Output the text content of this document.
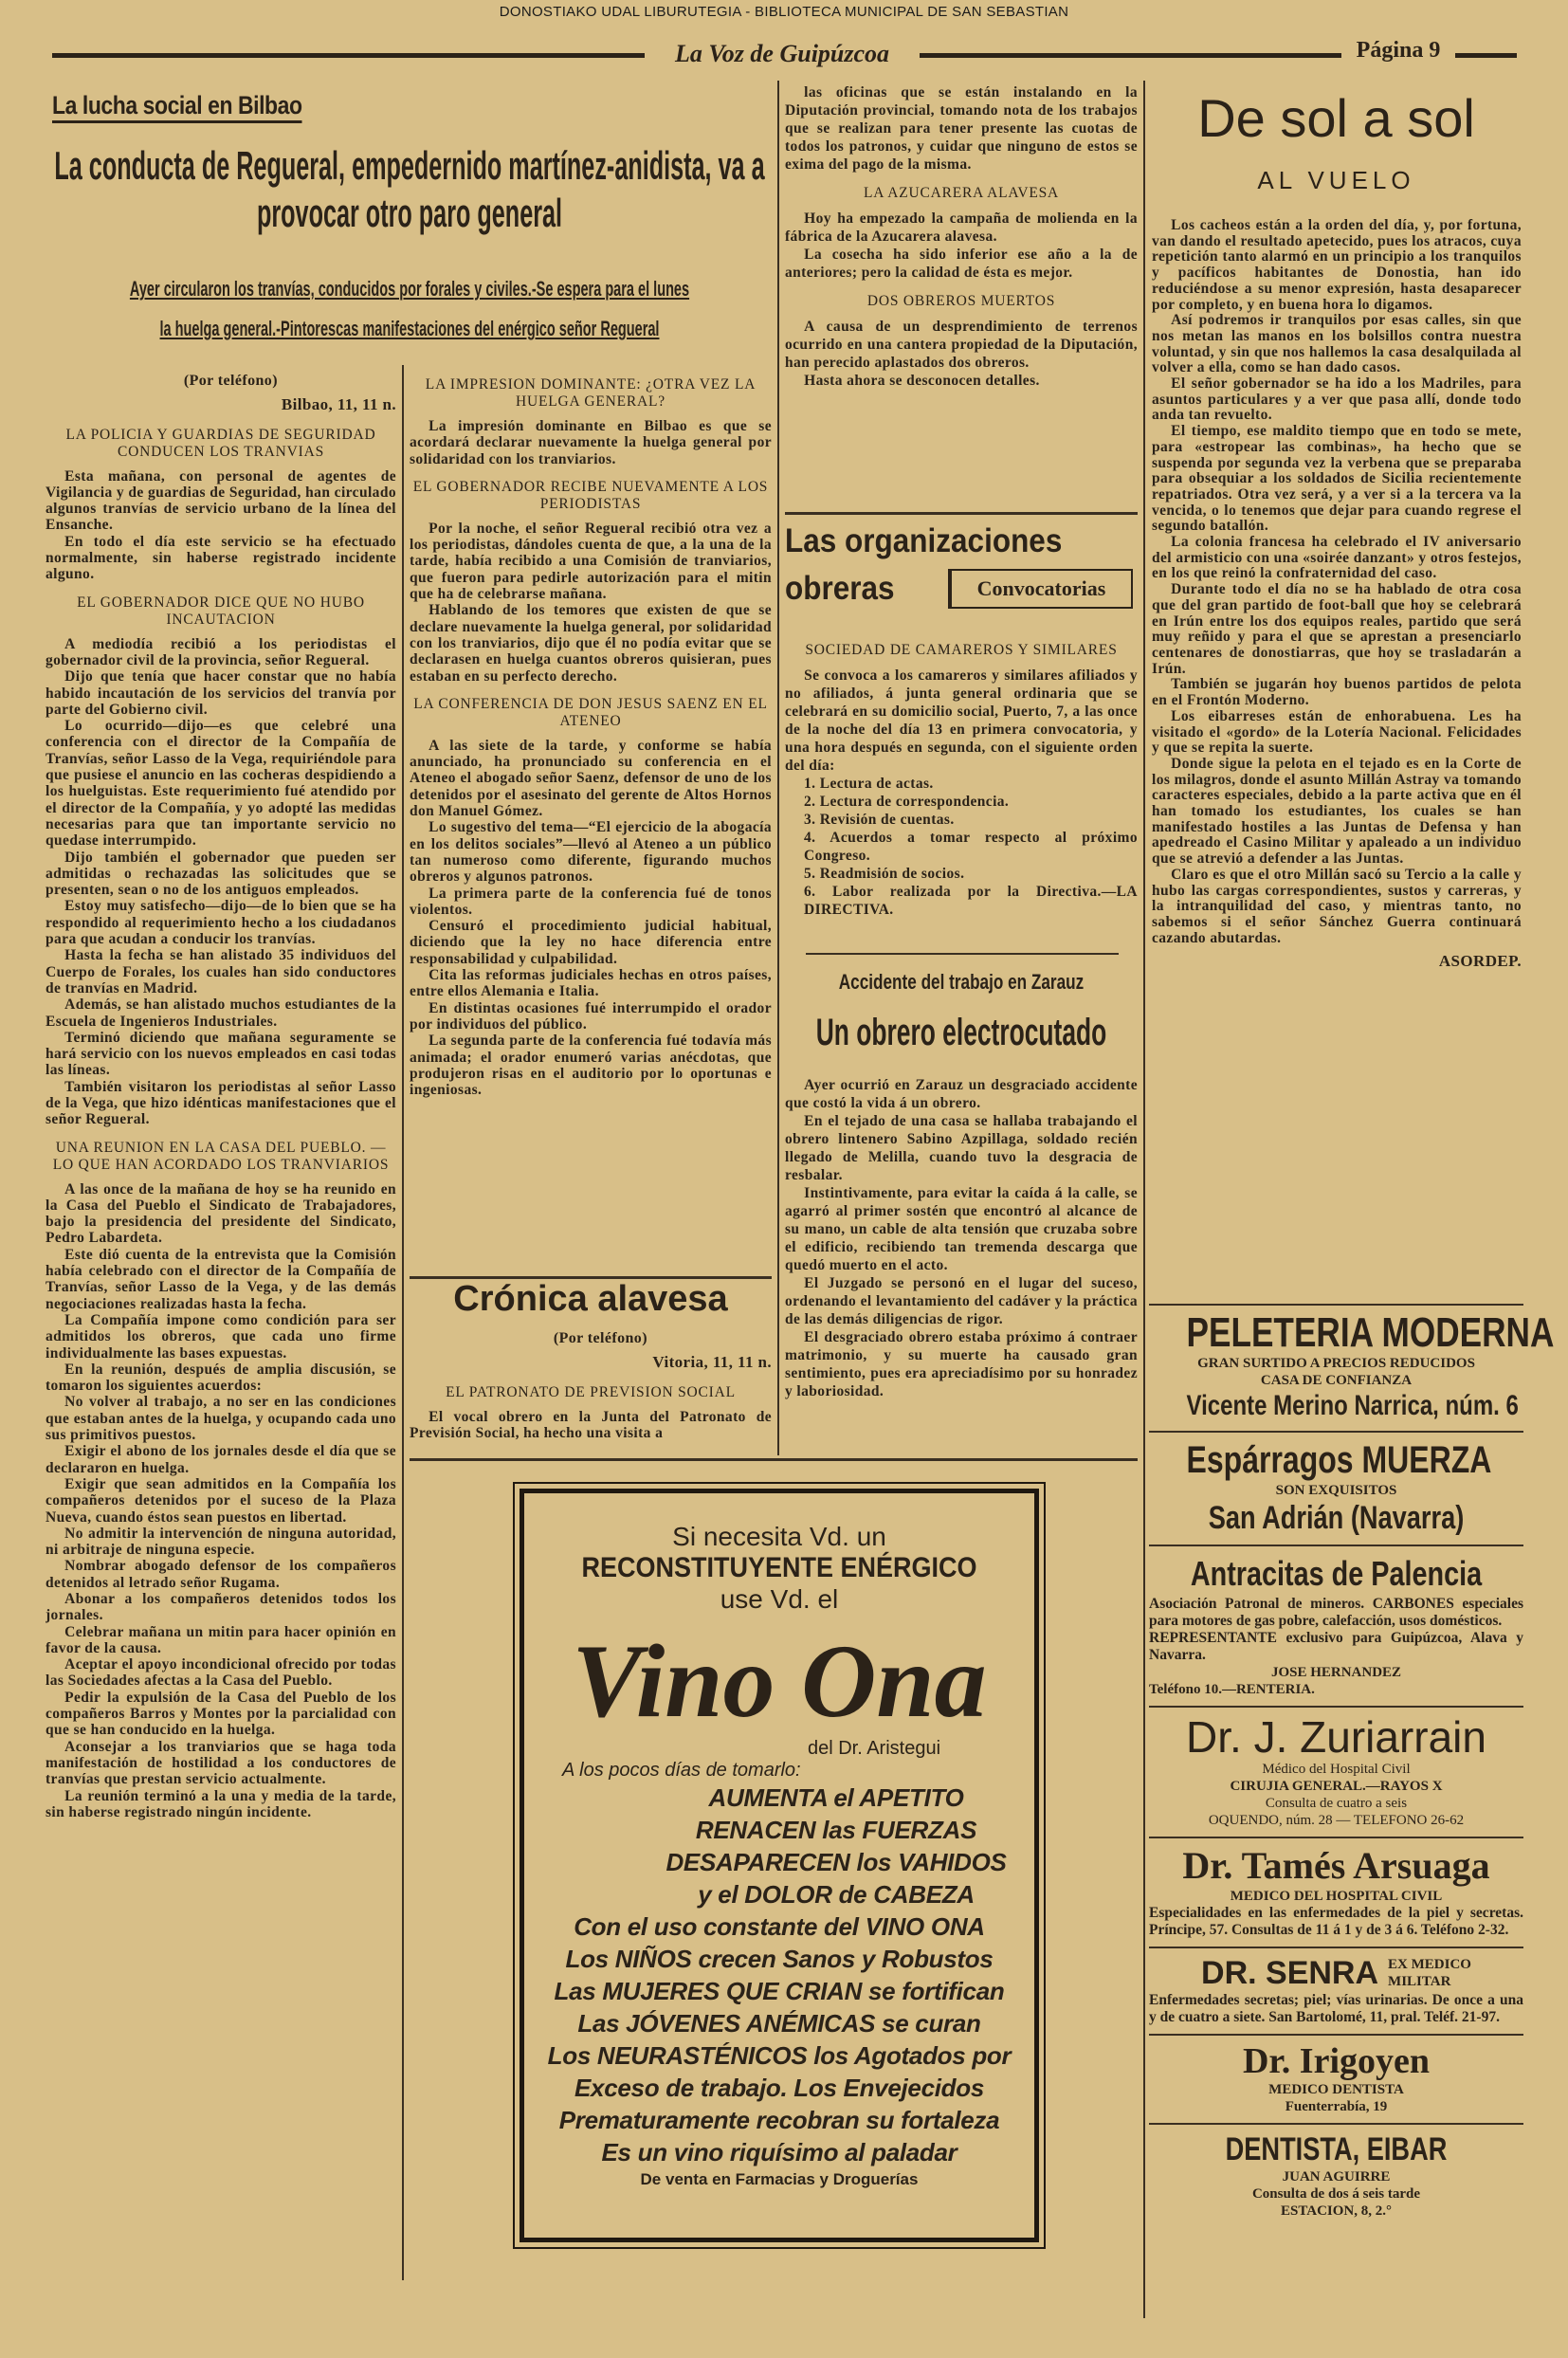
DONOSTIAKO UDAL LIBURUTEGIA - BIBLIOTECA MUNICIPAL DE SAN SEBASTIAN
La Voz de Guipúzcoa	Página 9
La lucha social en Bilbao
La conducta de Regueral, empedernido martínez-anidista, va a provocar otro paro general
Ayer circularon los tranvías, conducidos por forales y civiles.-Se espera para el lunes
la huelga general.-Pintorescas manifestaciones del enérgico señor Regueral

(Por teléfono)

Bilbao, 11, 11 n.

LA POLICIA Y GUARDIAS DE SEGURIDAD CONDUCEN LOS TRANVIAS

Esta mañana, con personal de agentes de Vigilancia y de guardias de Seguridad, han circulado algunos tranvías de servicio urbano de la línea del Ensanche.

En todo el día este servicio se ha efectuado normalmente, sin haberse registrado incidente alguno.

EL GOBERNADOR DICE QUE NO HUBO INCAUTACION

A mediodía recibió a los periodistas el gobernador civil de la provincia, señor Regueral.

Dijo que tenía que hacer constar que no había habido incautación de los servicios del tranvía por parte del Gobierno civil.

Lo ocurrido—dijo—es que celebré una conferencia con el director de la Compañía de Tranvías, señor Lasso de la Vega, requiriéndole para que pusiese el anuncio en las cocheras despidiendo a los huelguistas. Este requerimiento fué atendido por el director de la Compañía, y yo adopté las medidas necesarias para que tan importante servicio no quedase interrumpido.

Dijo también el gobernador que pueden ser admitidas o rechazadas las solicitudes que se presenten, sean o no de los antiguos empleados.

Estoy muy satisfecho—dijo—de lo bien que se ha respondido al requerimiento hecho a los ciudadanos para que acudan a conducir los tranvías.

Hasta la fecha se han alistado 35 individuos del Cuerpo de Forales, los cuales han sido conductores de tranvías en Madrid.

Además, se han alistado muchos estudiantes de la Escuela de Ingenieros Industriales.

Terminó diciendo que mañana seguramente se hará servicio con los nuevos empleados en casi todas las líneas.

También visitaron los periodistas al señor Lasso de la Vega, que hizo idénticas manifestaciones que el señor Regueral.

UNA REUNION EN LA CASA DEL PUEBLO. —LO QUE HAN ACORDADO LOS TRANVIARIOS

A las once de la mañana de hoy se ha reunido en la Casa del Pueblo el Sindicato de Trabajadores, bajo la presidencia del presidente del Sindicato, Pedro Labardeta.

Este dió cuenta de la entrevista que la Comisión había celebrado con el director de la Compañía de Tranvías, señor Lasso de la Vega, y de las demás negociaciones realizadas hasta la fecha.

La Compañía impone como condición para ser admitidos los obreros, que cada uno firme individualmente las bases expuestas.

En la reunión, después de amplia discusión, se tomaron los siguientes acuerdos:

No volver al trabajo, a no ser en las condiciones que estaban antes de la huelga, y ocupando cada uno sus primitivos puestos.

Exigir el abono de los jornales desde el día que se declararon en huelga.

Exigir que sean admitidos en la Compañía los compañeros detenidos por el suceso de la Plaza Nueva, cuando éstos sean puestos en libertad.

No admitir la intervención de ninguna autoridad, ni arbitraje de ninguna especie.

Nombrar abogado defensor de los compañeros detenidos al letrado señor Rugama.

Abonar a los compañeros detenidos todos los jornales.

Celebrar mañana un mitin para hacer opinión en favor de la causa.

Aceptar el apoyo incondicional ofrecido por todas las Sociedades afectas a la Casa del Pueblo.

Pedir la expulsión de la Casa del Pueblo de los compañeros Barros y Montes por la parcialidad con que se han conducido en la huelga.

Aconsejar a los tranviarios que se haga toda manifestación de hostilidad a los conductores de tranvías que prestan servicio actualmente.

La reunión terminó a la una y media de la tarde, sin haberse registrado ningún incidente.

LA IMPRESION DOMINANTE: ¿OTRA VEZ LA HUELGA GENERAL?

La impresión dominante en Bilbao es que se acordará declarar nuevamente la huelga general por solidaridad con los tranviarios.

EL GOBERNADOR RECIBE NUEVAMENTE A LOS PERIODISTAS

Por la noche, el señor Regueral recibió otra vez a los periodistas, dándoles cuenta de que, a la una de la tarde, había recibido a una Comisión de tranviarios, que fueron para pedirle autorización para el mitin que ha de celebrarse mañana.

Hablando de los temores que existen de que se declare nuevamente la huelga general, por solidaridad con los tranviarios, dijo que él no podía evitar que se declarasen en huelga cuantos obreros quisieran, pues estaban en su perfecto derecho.

LA CONFERENCIA DE DON JESUS SAENZ EN EL ATENEO

A las siete de la tarde, y conforme se había anunciado, ha pronunciado su conferencia en el Ateneo el abogado señor Saenz, defensor de uno de los detenidos por el asesinato del gerente de Altos Hornos don Manuel Gómez.

Lo sugestivo del tema—“El ejercicio de la abogacía en los delitos sociales”—llevó al Ateneo a un público tan numeroso como diferente, figurando muchos obreros y algunos patronos.

La primera parte de la conferencia fué de tonos violentos.

Censuró el procedimiento judicial habitual, diciendo que la ley no hace diferencia entre responsabilidad y culpabilidad.

Cita las reformas judiciales hechas en otros países, entre ellos Alemania e Italia.

En distintas ocasiones fué interrumpido el orador por individuos del público.

La segunda parte de la conferencia fué todavía más animada; el orador enumeró varias anécdotas, que produjeron risas en el auditorio por lo oportunas e ingeniosas.

Crónica alavesa

(Por teléfono)

Vitoria, 11, 11 n.

EL PATRONATO DE PREVISION SOCIAL

El vocal obrero en la Junta del Patronato de Previsión Social, ha hecho una visita a

las oficinas que se están instalando en la Diputación provincial, tomando nota de los trabajos que se realizan para tener presente las cuotas de todos los patronos, y cuidar que ninguno de estos se exima del pago de la misma.

LA AZUCARERA ALAVESA

Hoy ha empezado la campaña de molienda en la fábrica de la Azucarera alavesa.

La cosecha ha sido inferior ese año a la de anteriores; pero la calidad de ésta es mejor.

DOS OBREROS MUERTOS

A causa de un desprendimiento de terrenos ocurrido en una cantera propiedad de la Diputación, han perecido aplastados dos obreros.

Hasta ahora se desconocen detalles.

Las organizaciones obreras	Convocatorias
SOCIEDAD DE CAMAREROS Y SIMILARES

Se convoca a los camareros y similares afiliados y no afiliados, á junta general ordinaria que se celebrará en su domicilio social, Puerto, 7, a las once de la noche del día 13 en primera convocatoria, y una hora después en segunda, con el siguiente orden del día:

1. Lectura de actas.

2. Lectura de correspondencia.

3. Revisión de cuentas.

4. Acuerdos a tomar respecto al próximo Congreso.

5. Readmisión de socios.

6. Labor realizada por la Directiva.—LA DIRECTIVA.

Accidente del trabajo en Zarauz
Un obrero electrocutado

Ayer ocurrió en Zarauz un desgraciado accidente que costó la vida á un obrero.

En el tejado de una casa se hallaba trabajando el obrero lintenero Sabino Azpillaga, soldado recién llegado de Melilla, cuando tuvo la desgracia de resbalar.

Instintivamente, para evitar la caída á la calle, se agarró al primer sostén que encontró al alcance de su mano, un cable de alta tensión que cruzaba sobre el edificio, recibiendo tan tremenda descarga que quedó muerto en el acto.

El Juzgado se personó en el lugar del suceso, ordenando el levantamiento del cadáver y la práctica de las demás diligencias de rigor.

El desgraciado obrero estaba próximo á contraer matrimonio, y su muerte ha causado gran sentimiento, pues era apreciadísimo por su honradez y laboriosidad.

De sol a sol
AL VUELO

Los cacheos están a la orden del día, y, por fortuna, van dando el resultado apetecido, pues los atracos, cuya repetición tanto alarmó en un principio a los tranquilos y pacíficos habitantes de Donostia, han ido reduciéndose a su menor expresión, hasta desaparecer por completo, y en buena hora lo digamos.

Así podremos ir tranquilos por esas calles, sin que nos metan las manos en los bolsillos contra nuestra voluntad, y sin que nos hallemos la casa desalquilada al volver a ella, como se han dado casos.

El señor gobernador se ha ido a los Madriles, para asuntos particulares y a ver que pasa allí, donde todo anda tan revuelto.

El tiempo, ese maldito tiempo que en todo se mete, para «estropear las combinas», ha hecho que se suspenda por segunda vez la verbena que se preparaba para obsequiar a los soldados de Sicilia recientemente repatriados. Otra vez será, y a ver si a la tercera va la vencida, o lo tenemos que dejar para cuando regrese el segundo batallón.

La colonia francesa ha celebrado el IV aniversario del armisticio con una «soirée danzant» y otros festejos, en los que reinó la confraternidad del caso.

Durante todo el día no se ha hablado de otra cosa que del gran partido de foot-ball que hoy se celebrará en Irún entre los dos equipos reales, partido que será muy reñido y para el que se aprestan a presenciarlo centenares de donostiarras, que hoy se trasladarán a Irún.

También se jugarán hoy buenos partidos de pelota en el Frontón Moderno.

Los eibarreses están de enhorabuena. Les ha visitado el «gordo» de la Lotería Nacional. Felicidades y que se repita la suerte.

Donde sigue la pelota en el tejado es en la Corte de los milagros, donde el asunto Millán Astray va tomando caracteres especiales, debido a la parte activa que en él han tomado los estudiantes, los cuales se han manifestado hostiles a las Juntas de Defensa y han apedreado el Casino Militar y apaleado a un individuo que se atrevió a defender a las Juntas.

Claro es que el otro Millán sacó su Tercio a la calle y hubo las cargas correspondientes, sustos y carreras, y la intranquilidad del caso, y mientras tanto, no sabemos si el señor Sánchez Guerra continuará cazando abutardas.

ASORDEP.

PELETERIA MODERNA
GRAN SURTIDO A PRECIOS REDUCIDOS
CASA DE CONFIANZA
Vicente Merino Narrica, núm. 6
Espárragos MUERZA
SON EXQUISITOS
San Adrián (Navarra)
Antracitas de Palencia
Asociación Patronal de mineros. CARBONES especiales para motores de gas pobre, calefacción, usos domésticos.
REPRESENTANTE exclusivo para Guipúzcoa, Alava y Navarra.
JOSE HERNANDEZ
Teléfono 10.—RENTERIA.
Dr. J. Zuriarrain
Médico del Hospital Civil
CIRUJIA GENERAL.—RAYOS X
Consulta de cuatro a seis
OQUENDO, núm. 28 — TELEFONO 26-62
Dr. Tamés Arsuaga
MEDICO DEL HOSPITAL CIVIL
Especialidades en las enfermedades de la piel y secretas. Príncipe, 57. Consultas de 11 á 1 y de 3 á 6. Teléfono 2-32.
DR. SENRA EX MEDICO
MILITAR
Enfermedades secretas; piel; vías urinarias. De once a una y de cuatro a siete. San Bartolomé, 11, pral. Teléf. 21-97.
Dr. Irigoyen
MEDICO DENTISTA
Fuenterrabía, 19
DENTISTA, EIBAR
JUAN AGUIRRE
Consulta de dos á seis tarde
ESTACION, 8, 2.°
Si necesita Vd. un
RECONSTITUYENTE ENÉRGICO
use Vd. el
Vino Ona
del Dr. Aristegui
A los pocos días de tomarlo:
AUMENTA el APETITO
RENACEN las FUERZAS
DESAPARECEN los VAHIDOS
y el DOLOR de CABEZA
Con el uso constante del VINO ONA
Los NIÑOS crecen Sanos y Robustos
Las MUJERES QUE CRIAN se fortifican
Las JÓVENES ANÉMICAS se curan
Los NEURASTÉNICOS los Agotados por
Exceso de trabajo. Los Envejecidos
Prematuramente recobran su fortaleza
Es un vino riquísimo al paladar
De venta en Farmacias y Droguerías
